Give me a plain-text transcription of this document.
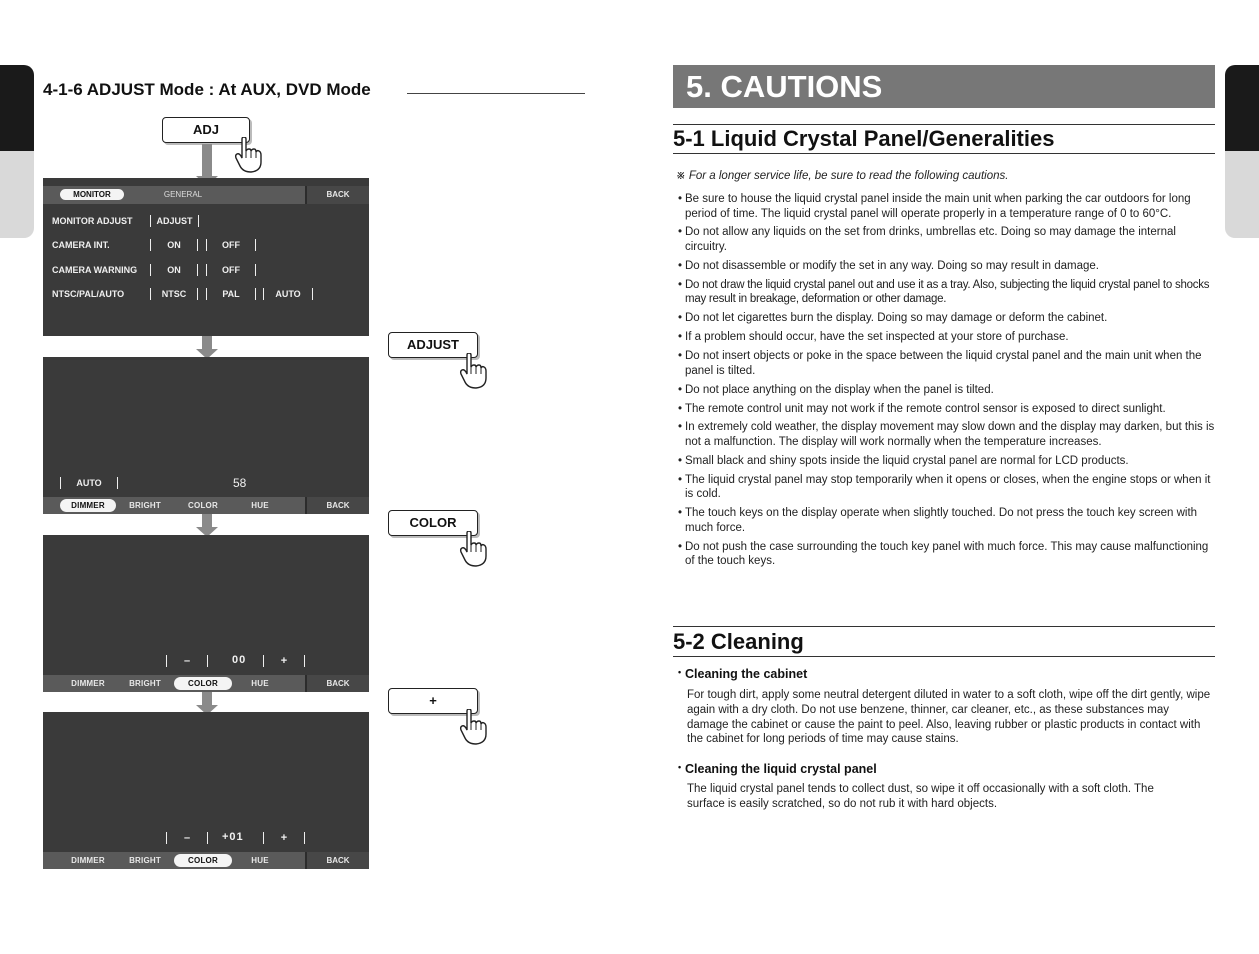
4-1-6 ADJUST Mode : At AUX, DVD Mode
ADJ
MONITOR	GENERAL	BACK
MONITOR ADJUST	ADJUST
CAMERA INT.	ON	OFF
CAMERA WARNING	ON	OFF
NTSC/PAL/AUTO	NTSC	PAL	AUTO
ADJUST
AUTO	58
DIMMER	BRIGHT	COLOR	HUE	BACK
COLOR
–	00	+
DIMMER	BRIGHT	COLOR	HUE	BACK
+
–	+01	+
DIMMER	BRIGHT	COLOR	HUE	BACK
5. CAUTIONS
5-1 Liquid Crystal Panel/Generalities
※ For a longer service life, be sure to read the following cautions.
• Be sure to house the liquid crystal panel inside the main unit when parking the car outdoors for long period of time. The liquid crystal panel will operate properly in a temperature range of 0 to 60°C.
• Do not allow any liquids on the set from drinks, umbrellas etc. Doing so may damage the internal circuitry.
• Do not disassemble or modify the set in any way. Doing so may result in damage.
• Do not draw the liquid crystal panel out and use it as a tray. Also, subjecting the liquid crystal panel to shocks may result in breakage, deformation or other damage.
• Do not let cigarettes burn the display. Doing so may damage or deform the cabinet.
• If a problem should occur, have the set inspected at your store of purchase.
• Do not insert objects or poke in the space between the liquid crystal panel and the main unit when the panel is tilted.
• Do not place anything on the display when the panel is tilted.
• The remote control unit may not work if the remote control sensor is exposed to direct sunlight.
• In extremely cold weather, the display movement may slow down and the display may darken, but this is not a malfunction. The display will work normally when the temperature increases.
• Small black and shiny spots inside the liquid crystal panel are normal for LCD products.
• The liquid crystal panel may stop temporarily when it opens or closes, when the engine stops or when it is cold.
• The touch keys on the display operate when slightly touched. Do not press the touch key screen with much force.
• Do not push the case surrounding the touch key panel with much force. This may cause malfunctioning of the touch keys.
5-2 Cleaning
• Cleaning the cabinet
For tough dirt, apply some neutral detergent diluted in water to a soft cloth, wipe off the dirt gently, wipe again with a dry cloth. Do not use benzene, thinner, car cleaner, etc., as these substances may damage the cabinet or cause the paint to peel. Also, leaving rubber or plastic products in contact with the cabinet for long periods of time may cause stains.
• Cleaning the liquid crystal panel
The liquid crystal panel tends to collect dust, so wipe it off occasionally with a soft cloth. The surface is easily scratched, so do not rub it with hard objects.
